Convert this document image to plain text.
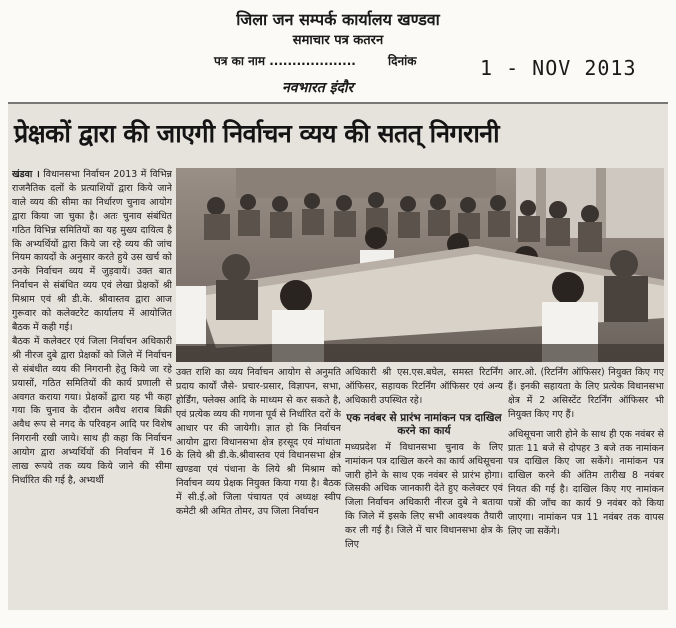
जिला जन सम्पर्क कार्यालय खण्डवा
समाचार पत्र कतरन
पत्र का नाम ...................	दिनांक	1 - NOV 2013
नवभारत इंदौर
प्रेक्षकों द्वारा की जाएगी निर्वाचन व्यय की सतत् निगरानी
खंडवा । विधानसभा निर्वाचन 2013 में विभिन्न राजनैतिक दलों के प्रत्याशियों द्वारा किये जाने वाले व्यय की सीमा का निर्धारण चुनाव आयोग द्वारा किया जा चुका है। अतः चुनाव संबंधित गठित विभिन्न समितियों का यह मुख्य दायित्व है कि अभ्यर्थियों द्वारा किये जा रहे व्यय की जांच नियम कायदों के अनुसार करते हुये उस खर्च को उनके निर्वाचन व्यय में जुड़वायें। उक्त बात निर्वाचन से संबंधित व्यय एवं लेखा प्रेक्षकों श्री मिश्राम एवं श्री डी.के. श्रीवास्तव द्वारा आज गुरूवार को कलेक्टरेट कार्यालय में आयोजित बैठक में कही गई।
बैठक में कलेक्टर एवं जिला निर्वाचन अधिकारी श्री नीरज दुबे द्वारा प्रेक्षकों को जिले में निर्वाचन से संबंधीत व्यय की निगरानी हेतु किये जा रहे प्रयासों, गठित समितियों की कार्य प्रणाली से अवगत कराया गया। प्रेक्षकों द्वारा यह भी कहा गया कि चुनाव के दौरान अवैध शराब बिक्री अवैध रूप से नगद के परिवहन आदि पर विशेष निगरानी रखी जाये। साथ ही कहा कि निर्वाचन आयोग द्वारा अभ्यर्थियों की निर्वाचन में 16 लाख रूपये तक व्यय किये जाने की सीमा निर्धारित की गई है, अभ्यर्थी
उक्त राशि का व्यय निर्वाचन आयोग से अनुमति प्रदाय कार्यों जैसे- प्रचार-प्रसार, विज्ञापन, सभा, होर्डिंग, फ्लेक्स आदि के माध्यम से कर सकते है, एवं प्रत्येक व्यय की गणना पूर्व से निर्धारित दरों के आधार पर की जायेगी। ज्ञात हो कि निर्वाचन आयोग द्वारा विधानसभा क्षेत्र हरसूद एवं मांधाता के लिये श्री डी.के.श्रीवास्तव एवं विधानसभा क्षेत्र खण्डवा एवं पंधाना के लिये श्री मिश्राम को निर्वाचन व्यय प्रेक्षक नियुक्त किया गया है। बैठक में सी.ई.ओ जिला पंचायत एवं अध्यक्ष स्वीप कमेटी श्री अमित तोमर, उप जिला निर्वाचन
अधिकारी श्री एस.एस.बघेल, समस्त रिटर्निंग ऑफिसर, सहायक रिटर्निंग ऑफिसर एवं अन्य अधिकारी उपस्थित रहे।
एक नवंबर से प्रारंभ नामांकन पत्र दाखिल करने का कार्य
मध्यप्रदेश में विधानसभा चुनाव के लिए नामांकन पत्र दाखिल करने का कार्य अधिसूचना जारी होने के साथ एक नवंबर से प्रारंभ होगा। जिसकी अधिक जानकारी देते हुए कलेक्टर एवं जिला निर्वाचन अधिकारी नीरज दुबे ने बताया कि जिले में इसके लिए सभी आवश्यक तैयारी कर ली गई है। जिले में चार विधानसभा क्षेत्र के लिए
आर.ओ. (रिटर्निंग ऑफिसर) नियुक्त किए गए हैं। इनकी सहायता के लिए प्रत्येक विधानसभा क्षेत्र में 2 असिस्टेंट रिटर्निंग ऑफिसर भी नियुक्त किए गए हैं।
अधिसूचना जारी होने के साथ ही एक नवंबर से प्रातः 11 बजे से दोपहर 3 बजे तक नामांकन पत्र दाखिल किए जा सकेंगे। नामांकन पत्र दाखिल करने की अंतिम तारीख 8 नवंबर नियत की गई है। दाखिल किए गए नामांकन पत्रों की जाँच का कार्य 9 नवंबर को किया जाएगा। नामांकन पत्र 11 नवंबर तक वापस लिए जा सकेंगे।
